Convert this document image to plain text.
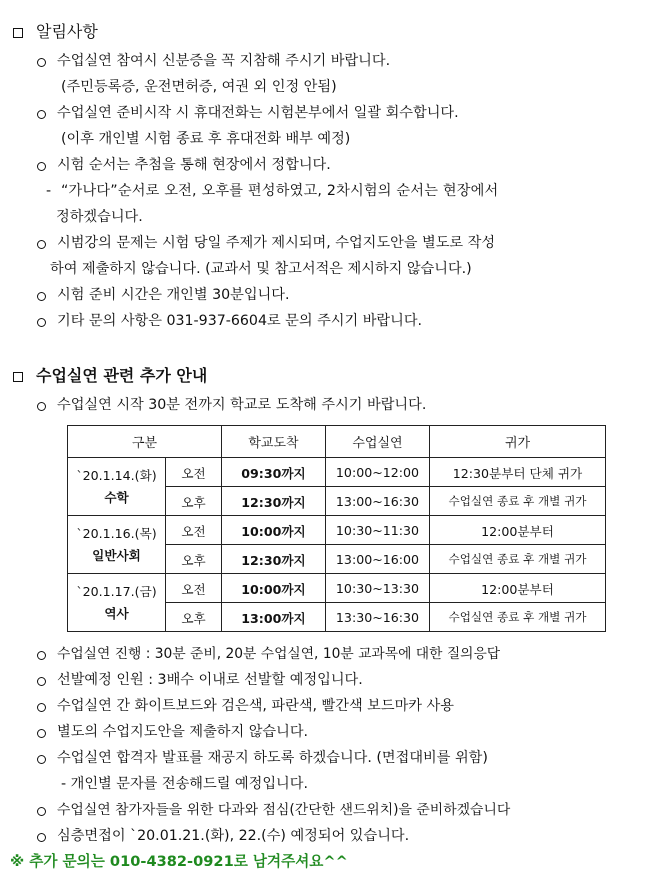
알림사항
수업실연 참여시 신분증을 꼭 지참해 주시기 바랍니다.
(주민등록증, 운전면허증, 여권 외 인정 안됨)
수업실연 준비시작 시 휴대전화는 시험본부에서 일괄 회수합니다.
(이후 개인별 시험 종료 후 휴대전화 배부 예정)
시험 순서는 추첨을 통해 현장에서 정합니다.
- “가나다”순서로 오전, 오후를 편성하였고, 2차시험의 순서는 현장에서
정하겠습니다.
시범강의 문제는 시험 당일 주제가 제시되며, 수업지도안을 별도로 작성
하여 제출하지 않습니다. (교과서 및 참고서적은 제시하지 않습니다.)
시험 준비 시간은 개인별 30분입니다.
기타 문의 사항은 031-937-6604로 문의 주시기 바랍니다.
수업실연 관련 추가 안내
수업실연 시작 30분 전까지 학교로 도착해 주시기 바랍니다.
구분		학교도착	수업실연	귀가

`20.1.14.(화)
수학	오전	09:30까지	10:00~12:00	12:30분부터 단체 귀가
	오후	12:30까지	13:00~16:30	수업실연 종료 후 개별 귀가

`20.1.16.(목)
일반사회	오전	10:00까지	10:30~11:30	12:00분부터
	오후	12:30까지	13:00~16:00	수업실연 종료 후 개별 귀가

`20.1.17.(금)
역사	오전	10:00까지	10:30~13:30	12:00분부터
	오후	13:00까지	13:30~16:30	수업실연 종료 후 개별 귀가
수업실연 진행 : 30분 준비, 20분 수업실연, 10분 교과목에 대한 질의응답
선발예정 인원 : 3배수 이내로 선발할 예정입니다.
수업실연 간 화이트보드와 검은색, 파란색, 빨간색 보드마카 사용
별도의 수업지도안을 제출하지 않습니다.
수업실연 합격자 발표를 재공지 하도록 하겠습니다. (면접대비를 위함)
- 개인별 문자를 전송해드릴 예정입니다.
수업실연 참가자들을 위한 다과와 점심(간단한 샌드위치)을 준비하겠습니다
심층면접이 `20.01.21.(화), 22.(수) 예정되어 있습니다.
※ 추가 문의는 010-4382-0921로 남겨주셔요^^
